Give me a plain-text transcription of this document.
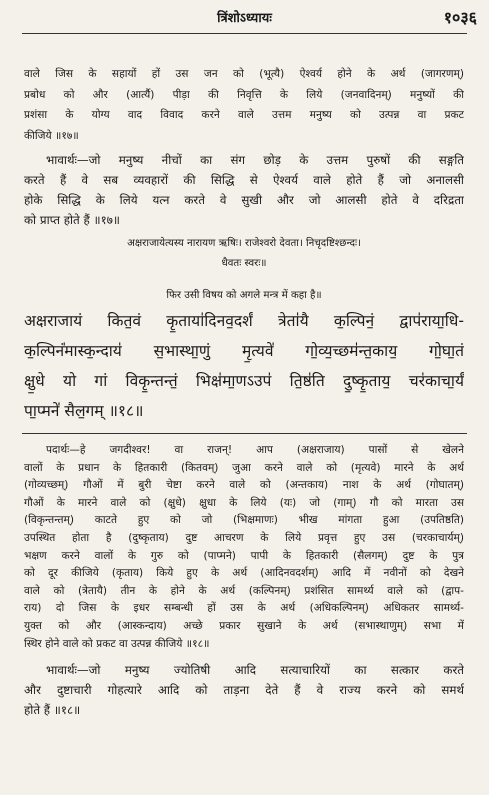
त्रिंशोऽध्यायः	१०३६
वाले जिस के सहायों हों उस जन को (भूत्यै) ऐश्वर्य होने के अर्थ (जागरणम्)
प्रबोध को और (आर्त्यै) पीड़ा की निवृत्ति के लिये (जनवादिनम्) मनुष्यों की
प्रशंसा के योग्य वाद विवाद करने वाले उत्तम मनुष्य को उत्पन्न वा प्रकट
कीजिये ॥१७॥
भावार्थः—जो मनुष्य नीचों का संग छोड़ के उत्तम पुरुषों की सङ्गति
करते हैं वे सब व्यवहारों की सिद्धि से ऐश्वर्य वाले होते हैं जो अनालसी
होके सिद्धि के लिये यत्न करते वे सुखी और जो आलसी होते वे दरिद्रता
को प्राप्त होते हैं ॥१७॥
अक्षराजायेत्यस्य नारायण ऋषिः। राजेश्वरो देवता। निचृदष्टिश्छन्दः।
धैवतः स्वरः॥
फिर उसी विषय को अगले मन्त्र में कहा है॥
अक्षराजायं कित॒वं कृ॒ताया॑दिनव॒दर्शं त्रेता॑यै क॒ल्पिनं॒ द्वाप॑राया॒धि-
क॒ल्पिनं॑मास्क॒न्दाय॑ स॒भास्था॒णुं मृ॒त्यवे॑ गो॒व्य॒च्छम॑न्त॒काय॒ गो॒घा॒तं
क्षु॒धे यो गां विकृ॒न्तन्तं॒ भिक्ष॑मा॒णऽउप॑ ति॒ष्ठ॑ति दु॒ष्कृ॒ताय॒ चर॑काचा॒र्यं
पा॒प्मने॑ सैल॒गम् ॥१८॥
पदार्थः—हे जगदीश्वर! वा राजन्! आप (अक्षराजाय) पासों से खेलने
वालों के प्रधान के हितकारी (कितवम्) जुआ करने वाले को (मृत्यवे) मारने के अर्थ
(गोव्यच्छम्) गौओं में बुरी चेष्टा करने वाले को (अन्तकाय) नाश के अर्थ (गोघातम्)
गौओं के मारने वाले को (क्षुधे) क्षुधा के लिये (यः) जो (गाम्) गौ को मारता उस
(विकृन्तन्तम्) काटते हुए को जो (भिक्षमाणः) भीख मांगता हुआ (उपतिष्ठति)
उपस्थित होता है (दुष्कृताय) दुष्ट आचरण के लिये प्रवृत्त हुए उस (चरकाचार्यम्)
भक्षण करने वालों के गुरु को (पाप्मने) पापी के हितकारी (सैलगम्) दुष्ट के पुत्र
को दूर कीजिये (कृताय) किये हुए के अर्थ (आदिनवदर्शम्) आदि में नवीनों को देखने
वाले को (त्रेतायै) तीन के होने के अर्थ (कल्पिनम्) प्रशंसित सामर्थ्य वाले को (द्वाप-
राय) दो जिस के इधर सम्बन्धी हों उस के अर्थ (अधिकल्पिनम्) अधिकतर सामर्थ्य-
युक्त को और (आस्कन्दाय) अच्छे प्रकार सुखाने के अर्थ (सभास्थाणुम्) सभा में
स्थिर होने वाले को प्रकट वा उत्पन्न कीजिये ॥१८॥
भावार्थः—जो मनुष्य ज्योतिषी आदि सत्याचारियों का सत्कार करते
और दुष्टाचारी गोहत्यारे आदि को ताड़ना देते हैं वे राज्य करने को समर्थ
होते हैं ॥१८॥
